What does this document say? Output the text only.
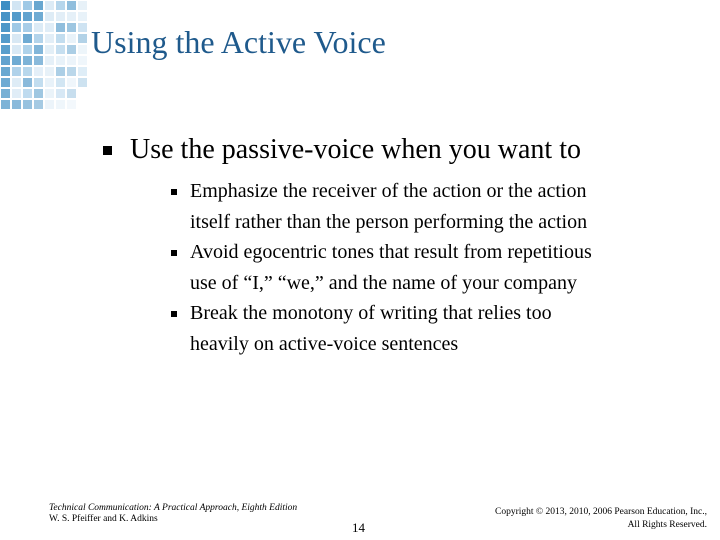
Using the Active Voice
Use the passive-voice when you want to
Emphasize the receiver of the action or the action
itself rather than the person performing the action
Avoid egocentric tones that result from repetitious
use of “I,” “we,” and the name of your company
Break the monotony of writing that relies too
heavily on active-voice sentences
Technical Communication: A Practical Approach, Eighth Edition
W. S. Pfeiffer and K. Adkins
14
Copyright © 2013, 2010, 2006 Pearson Education, Inc.,
All Rights Reserved.
